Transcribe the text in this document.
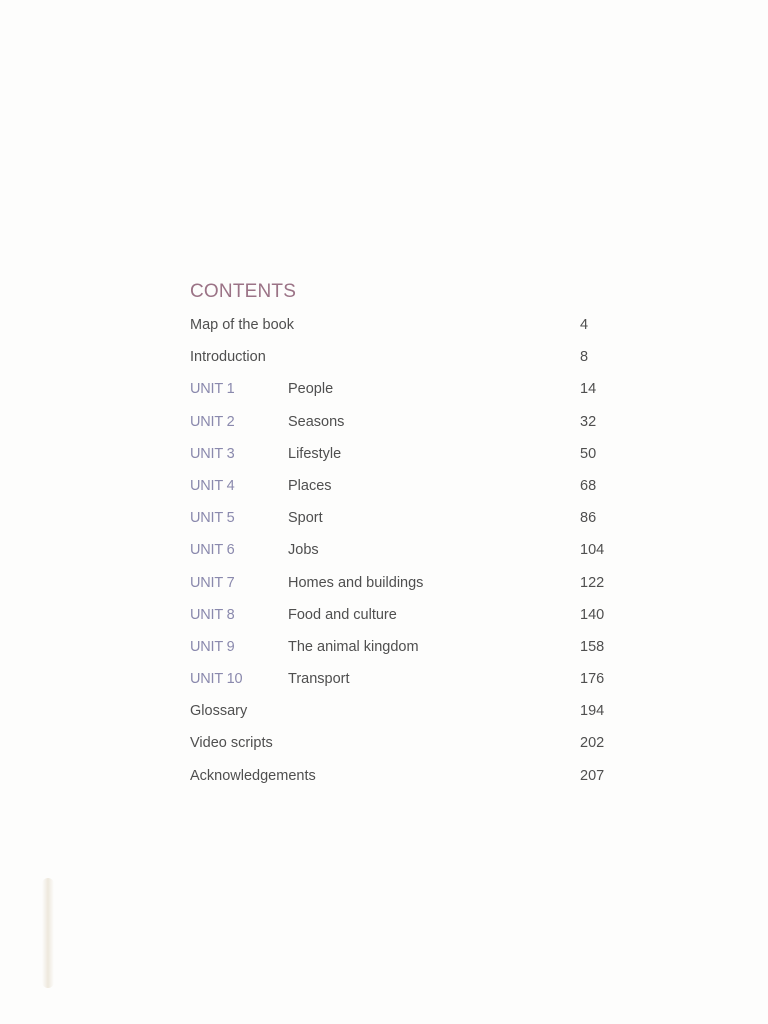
CONTENTS
Map of the book	4
Introduction	8
UNIT 1	People	14
UNIT 2	Seasons	32
UNIT 3	Lifestyle	50
UNIT 4	Places	68
UNIT 5	Sport	86
UNIT 6	Jobs	104
UNIT 7	Homes and buildings	122
UNIT 8	Food and culture	140
UNIT 9	The animal kingdom	158
UNIT 10	Transport	176
Glossary	194
Video scripts	202
Acknowledgements	207
